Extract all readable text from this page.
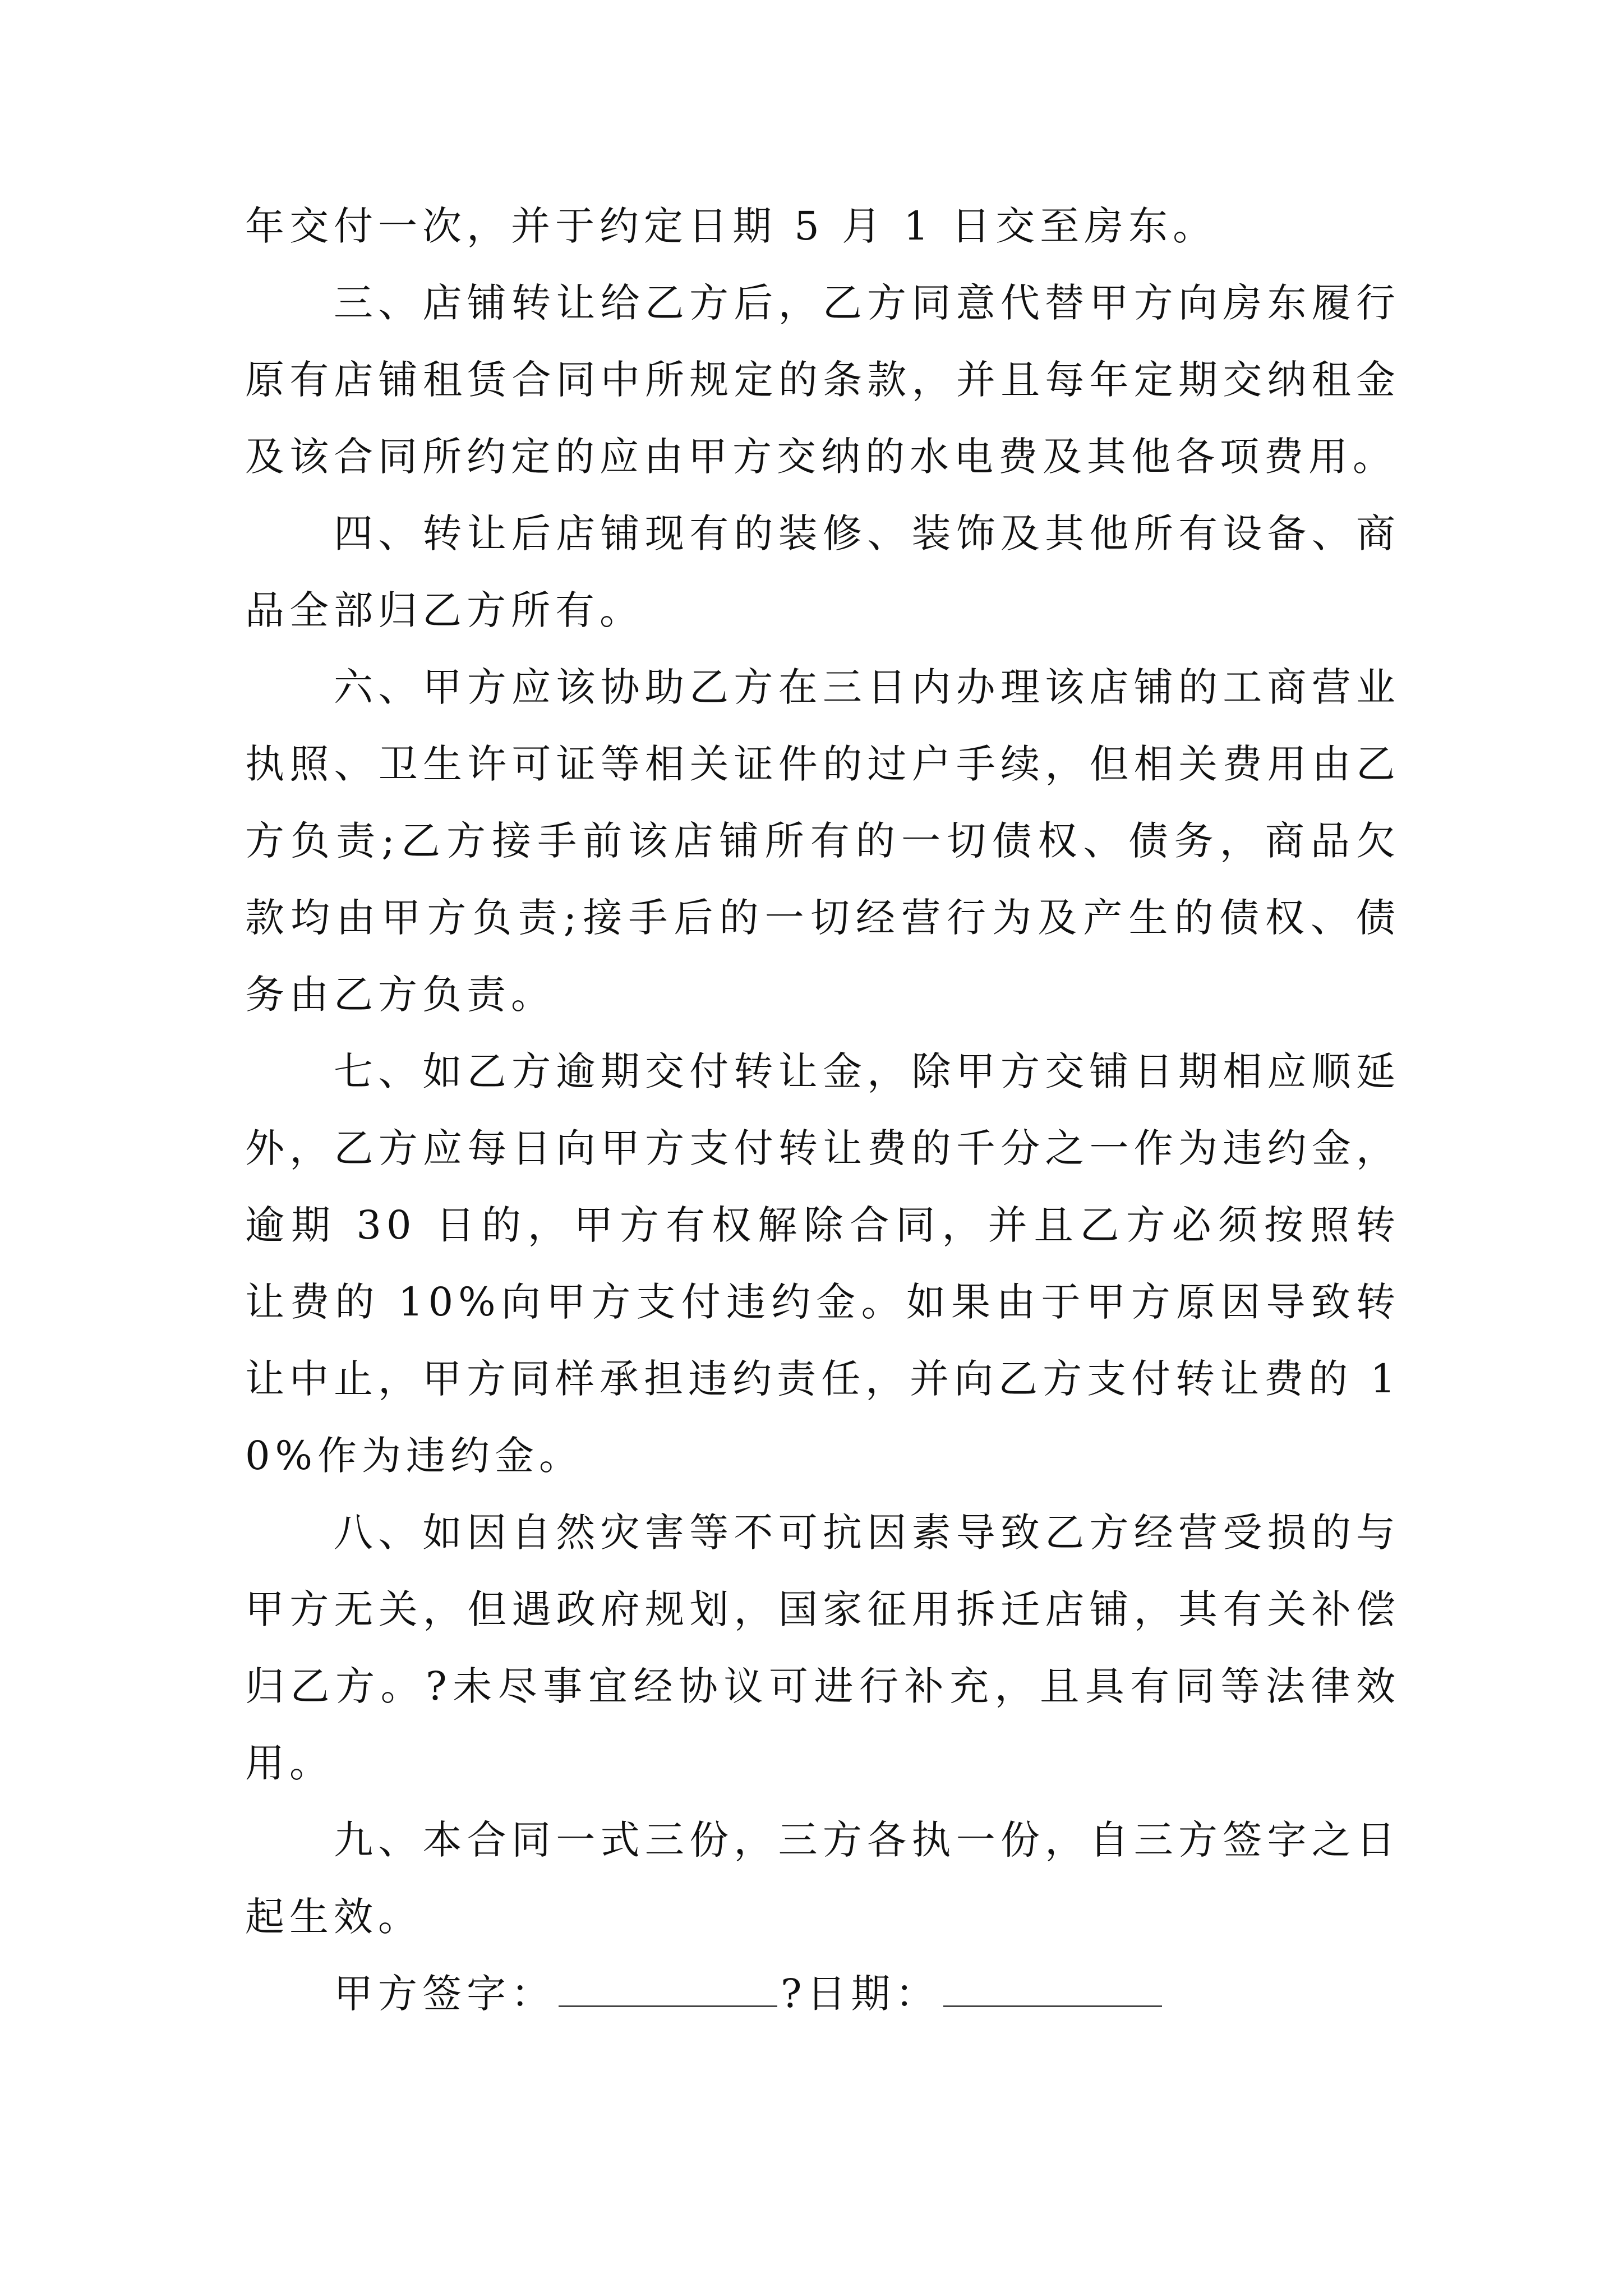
年交付一次，并于约定日期 5 月 1 日交至房东。

三、店铺转让给乙方后，乙方同意代替甲方向房东履行原有店铺租赁合同中所规定的条款，并且每年定期交纳租金及该合同所约定的应由甲方交纳的水电费及其他各项费用。

四、转让后店铺现有的装修、装饰及其他所有设备、商品全部归乙方所有。

六、甲方应该协助乙方在三日内办理该店铺的工商营业执照、卫生许可证等相关证件的过户手续，但相关费用由乙方负责;乙方接手前该店铺所有的一切债权、债务，商品欠款均由甲方负责;接手后的一切经营行为及产生的债权、债务由乙方负责。

七、如乙方逾期交付转让金，除甲方交铺日期相应顺延外，乙方应每日向甲方支付转让费的千分之一作为违约金，逾期 30 日的，甲方有权解除合同，并且乙方必须按照转让费的 10%向甲方支付违约金。如果由于甲方原因导致转让中止，甲方同样承担违约责任，并向乙方支付转让费的 10%作为违约金。

八、如因自然灾害等不可抗因素导致乙方经营受损的与甲方无关，但遇政府规划，国家征用拆迁店铺，其有关补偿归乙方。?未尽事宜经协议可进行补充，且具有同等法律效用。

九、本合同一式三份，三方各执一份，自三方签字之日起生效。

甲方签字：	?日期：
